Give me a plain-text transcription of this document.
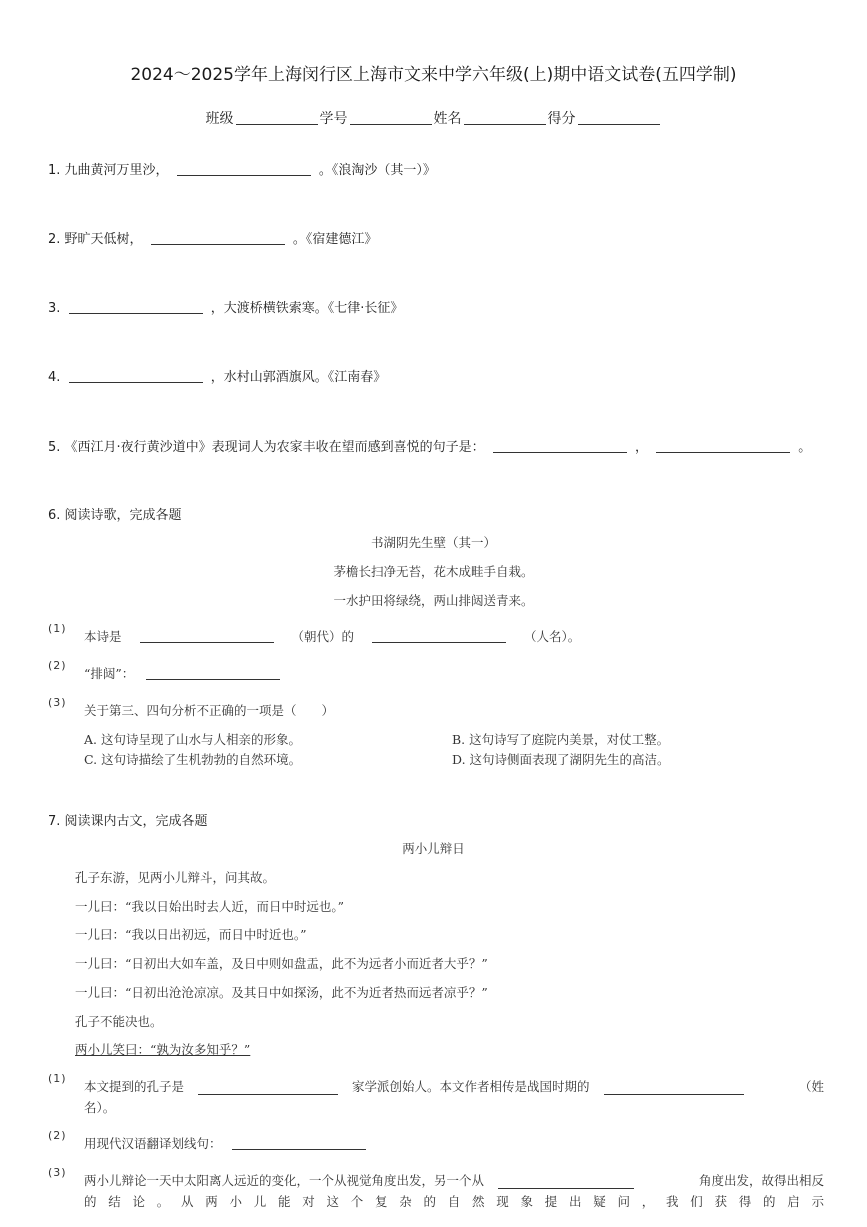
2024～2025学年上海闵行区上海市文来中学六年级(上)期中语文试卷(五四学制)
班级	学号	姓名	得分
1. 九曲黄河万里沙，	。《浪淘沙（其一）》
2. 野旷天低树，	。《宿建德江》
3.	，大渡桥横铁索寒。《七律·长征》
4.	，水村山郭酒旗风。《江南春》
5. 《西江月·夜行黄沙道中》表现词人为农家丰收在望而感到喜悦的句子是：	，	。
6. 阅读诗歌，完成各题
书湖阴先生壁（其一）
茅檐长扫净无苔，花木成畦手自栽。
一水护田将绿绕，两山排闼送青来。
(1)
本诗是	（朝代）的	（人名）。
(2)
“排闼”：
(3)
关于第三、四句分析不正确的一项是（　　）
A. 这句诗呈现了山水与人相亲的形象。	B. 这句诗写了庭院内美景，对仗工整。
C. 这句诗描绘了生机勃勃的自然环境。	D. 这句诗侧面表现了湖阴先生的高洁。
7. 阅读课内古文，完成各题
两小儿辩日
孔子东游，见两小儿辩斗，问其故。
一儿曰：“我以日始出时去人近，而日中时远也。”
一儿曰：“我以日出初远，而日中时近也。”
一儿曰：“日初出大如车盖，及日中则如盘盂，此不为远者小而近者大乎？”
一儿曰：“日初出沧沧凉凉。及其日中如探汤，此不为近者热而远者凉乎？”
孔子不能决也。
两小儿笑曰：“孰为汝多知乎？”
(1)
本文提到的孔子是	家学派创始人。本文作者相传是战国时期的	（姓
名）。
(2)
用现代汉语翻译划线句：
(3)
两小儿辩论一天中太阳离人远近的变化，一个从视觉角度出发，另一个从	角度出发，故得出相反
的结论。从两小儿能对这个复杂的自然现象提出疑问，我们获得的启示
